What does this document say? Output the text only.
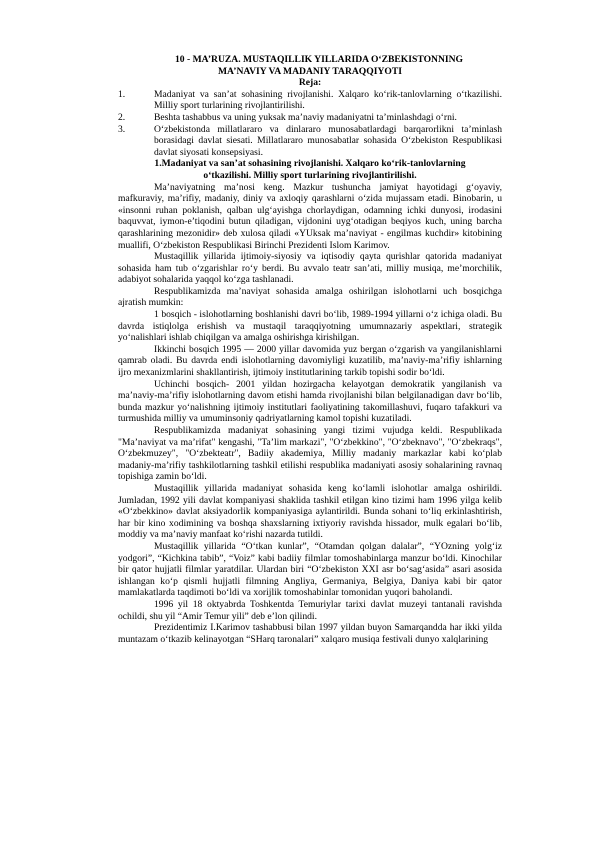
10 - MA’RUZA. MUSTAQILLIK YILLARIDA O‘ZBEKISTONNING

MA’NAVIY VA MADANIY TARAQQIYOTI

Reja:

1.	Madaniyat va san’at sohasining rivojlanishi. Xalqaro ko‘rik-tanlovlarning o‘tkazilishi. Milliy sport turlarining rivojlantirilishi.
2.	Beshta tashabbus va uning yuksak ma’naviy madaniyatni ta’minlashdagi o‘rni.
3.	O‘zbekistonda millatlararo va dinlararo munosabatlardagi barqarorlikni ta’minlash borasidagi davlat siesati. Millatlararo munosabatlar sohasida O‘zbekiston Respublikasi davlat siyosati konsepsiyasi.

1.Madaniyat va san’at sohasining rivojlanishi. Xalqaro ko‘rik-tanlovlarning

o‘tkazilishi. Milliy sport turlarining rivojlantirilishi.

Ma’naviyatning ma’nosi keng. Mazkur tushuncha jamiyat hayotidagi g‘oyaviy, mafkuraviy, ma’rifiy, madaniy, diniy va axloqiy qarashlarni o‘zida mujassam etadi. Binobarin, u «insonni ruhan poklanish, qalban ulg‘ayishga chorlaydigan, odamning ichki dunyosi, irodasini baquvvat, iymon-e’tiqodini butun qiladigan, vijdonini uyg‘otadigan beqiyos kuch, uning barcha qarashlarining mezonidir» deb xulosa qiladi «YUksak ma’naviyat - engilmas kuchdir» kitobining muallifi, O‘zbekiston Respublikasi Birinchi Prezidenti Islom Karimov.

Mustaqillik yillarida ijtimoiy-siyosiy va iqtisodiy qayta qurishlar qatorida madaniyat sohasida ham tub o‘zgarishlar ro‘y berdi. Bu avvalo teatr san’ati, milliy musiqa, me’morchilik, adabiyot sohalarida yaqqol ko‘zga tashlanadi.

Respublikamizda ma’naviyat sohasida amalga oshirilgan islohotlarni uch bosqichga ajratish mumkin:

1 bosqich - islohotlarning boshlanishi davri bo‘lib, 1989-1994 yillarni o‘z ichiga oladi. Bu davrda istiqlolga erishish va mustaqil taraqqiyotning umumnazariy aspektlari, strategik yo‘nalishlari ishlab chiqilgan va amalga oshirishga kirishilgan.

Ikkinchi bosqich 1995 — 2000 yillar davomida yuz bergan o‘zgarish va yangilanishlarni qamrab oladi. Bu davrda endi islohotlarning davomiyligi kuzatilib, ma’naviy-ma’rifiy ishlarning ijro mexanizmlarini shakllantirish, ijtimoiy institutlarining tarkib topishi sodir bo‘ldi.

Uchinchi bosqich- 2001 yildan hozirgacha kelayotgan demokratik yangilanish va ma’naviy-ma’rifiy islohotlarning davom etishi hamda rivojlanishi bilan belgilanadigan davr bo‘lib, bunda mazkur yo‘nalishning ijtimoiy institutlari faoliyatining takomillashuvi, fuqaro tafakkuri va turmushida milliy va umuminsoniy qadriyatlarning kamol topishi kuzatiladi.

Respublikamizda madaniyat sohasining yangi tizimi vujudga keldi. Respublikada "Ma’naviyat va ma’rifat" kengashi, "Ta’lim markazi", "O‘zbekkino", "O‘zbeknavo", "O‘zbekraqs", O‘zbekmuzey", "O‘zbekteatr", Badiiy akademiya, Milliy madaniy markazlar kabi ko‘plab madaniy-ma’rifiy tashkilotlarning tashkil etilishi respublika madaniyati asosiy sohalarining ravnaq topishiga zamin bo‘ldi.

Mustaqillik yillarida madaniyat sohasida keng ko‘lamli islohotlar amalga oshirildi. Jumladan, 1992 yili davlat kompaniyasi shaklida tashkil etilgan kino tizimi ham 1996 yilga kelib «O‘zbekkino» davlat aksiyadorlik kompaniyasiga aylantirildi. Bunda sohani to‘liq erkinlashtirish, har bir kino xodimining va boshqa shaxslarning ixtiyoriy ravishda hissador, mulk egalari bo‘lib, moddiy va ma’naviy manfaat ko‘rishi nazarda tutildi.

Mustaqillik yillarida “O‘tkan kunlar”, “Otamdan qolgan dalalar”, “YOzning yolg‘iz yodgori”, “Kichkina tabib”, “Voiz” kabi badiiy filmlar tomoshabinlarga manzur bo‘ldi. Kinochilar bir qator hujjatli filmlar yaratdilar. Ulardan biri “O‘zbekiston XXI asr bo‘sag‘asida” asari asosida ishlangan ko‘p qismli hujjatli filmning Angliya, Germaniya, Belgiya, Daniya kabi bir qator mamlakatlarda taqdimoti bo‘ldi va xorijlik tomoshabinlar tomonidan yuqori baholandi.

1996 yil 18 oktyabrda Toshkentda Temuriylar tarixi davlat muzeyi tantanali ravishda ochildi, shu yil “Amir Temur yili” deb e’lon qilindi.

Prezidentimiz I.Karimov tashabbusi bilan 1997 yildan buyon Samarqandda har ikki yilda muntazam o‘tkazib kelinayotgan “SHarq taronalari” xalqaro musiqa festivali dunyo xalqlarining
